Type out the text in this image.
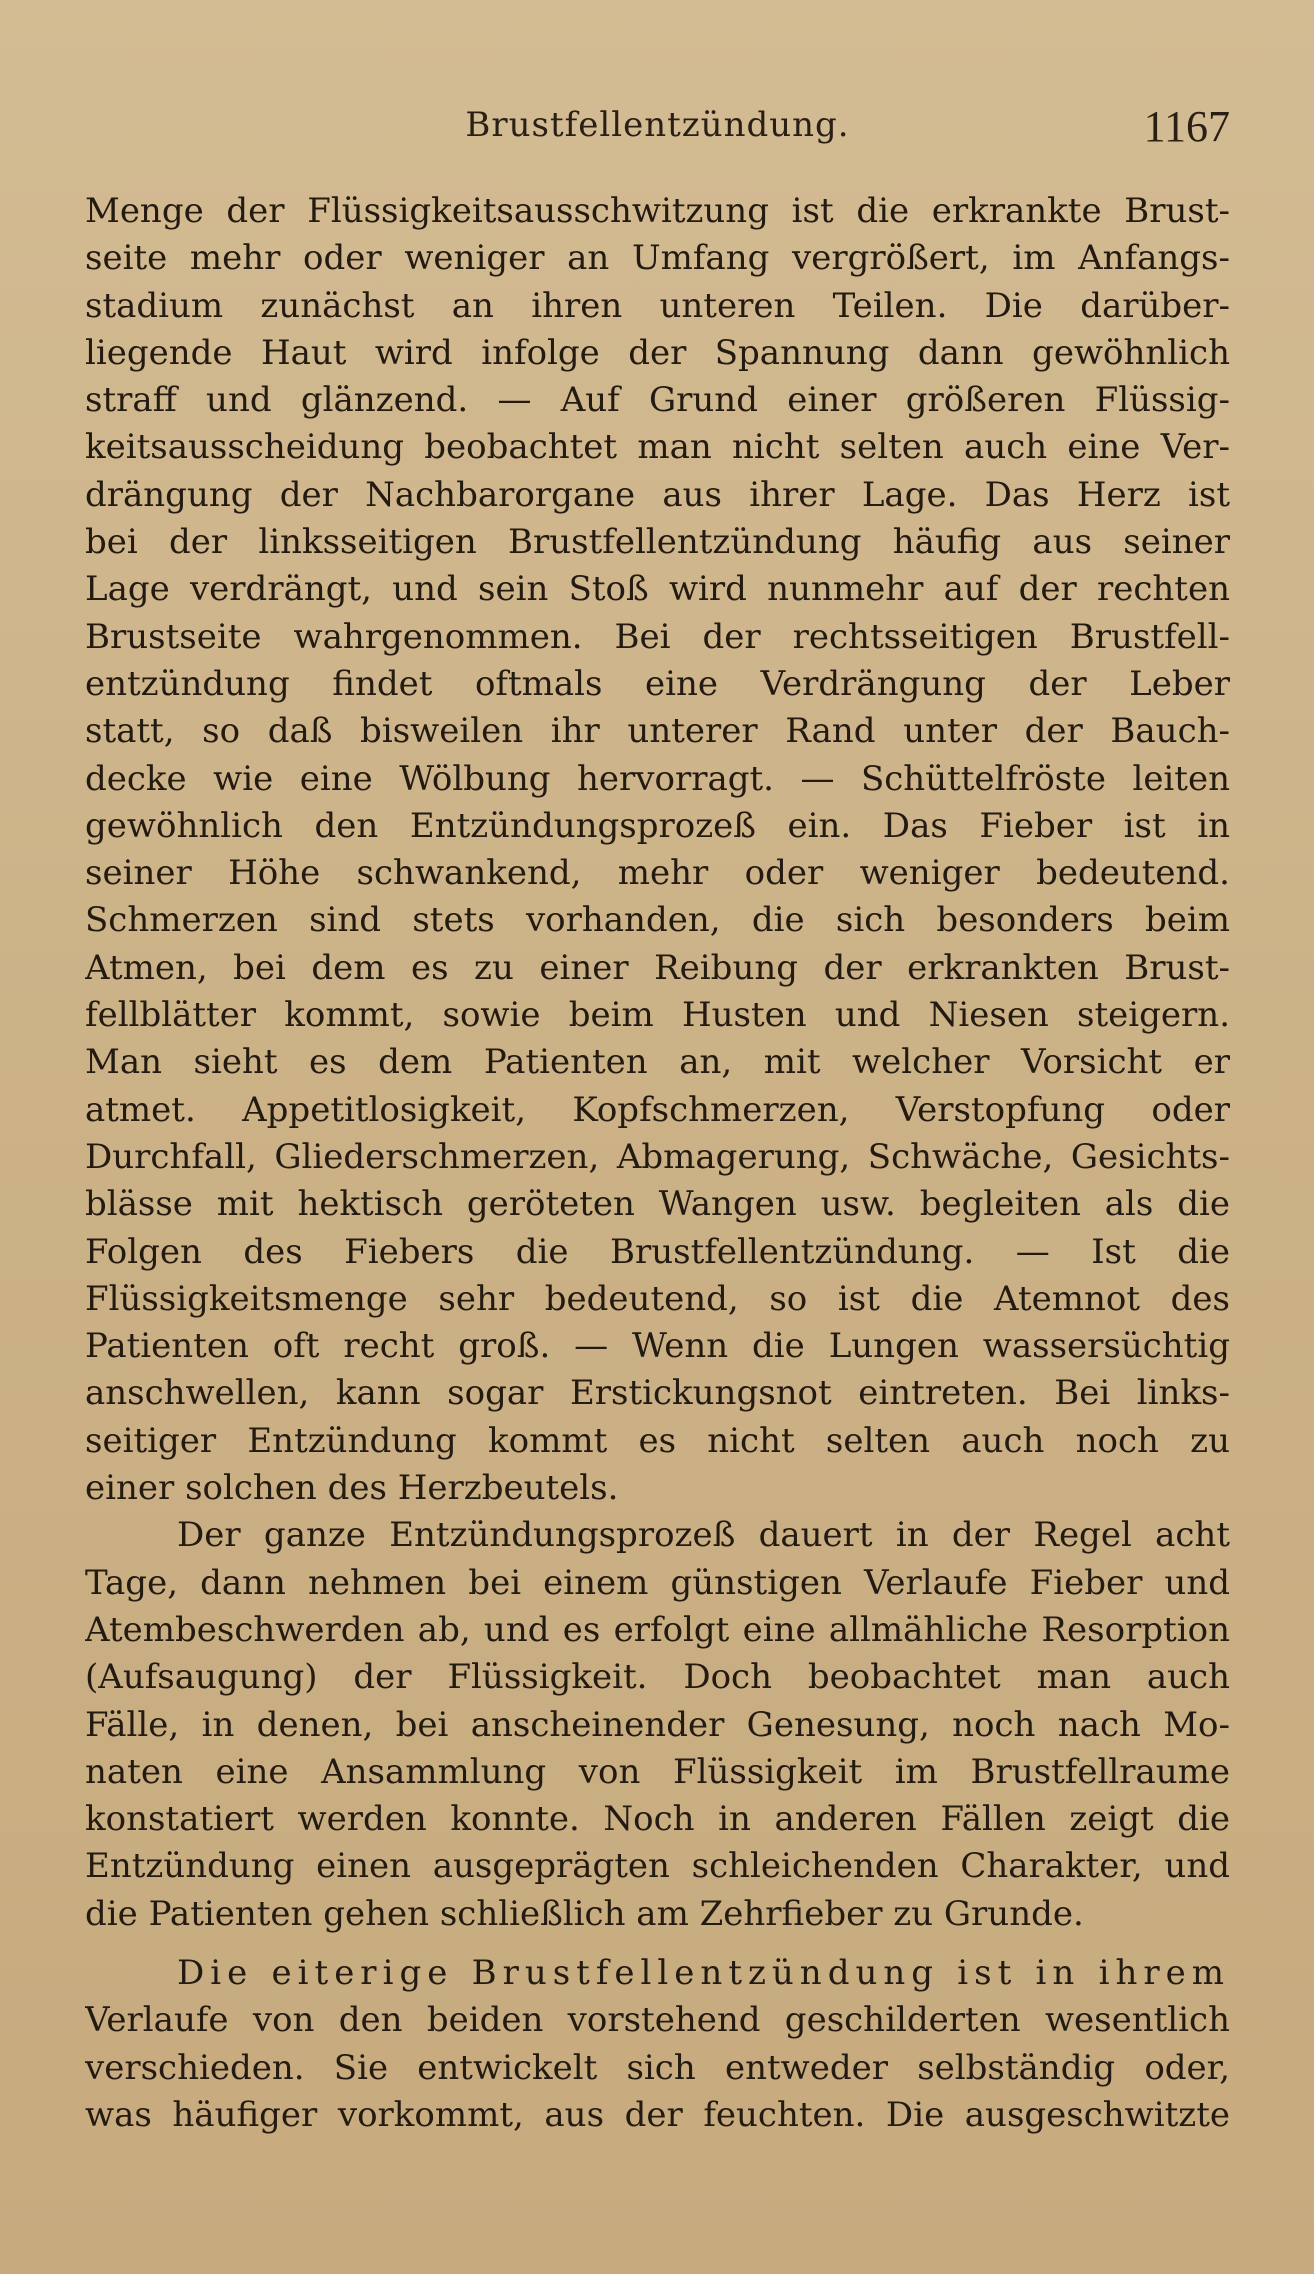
Brustfellentzündung.	1167
Menge der Flüssigkeitsausschwitzung ist die erkrankte Brust-
seite mehr oder weniger an Umfang vergrößert, im Anfangs-
stadium zunächst an ihren unteren Teilen. Die darüber-
liegende Haut wird infolge der Spannung dann gewöhnlich
straff und glänzend. — Auf Grund einer größeren Flüssig-
keitsausscheidung beobachtet man nicht selten auch eine Ver-
drängung der Nachbarorgane aus ihrer Lage. Das Herz ist
bei der linksseitigen Brustfellentzündung häufig aus seiner
Lage verdrängt, und sein Stoß wird nunmehr auf der rechten
Brustseite wahrgenommen. Bei der rechtsseitigen Brustfell-
entzündung findet oftmals eine Verdrängung der Leber
statt, so daß bisweilen ihr unterer Rand unter der Bauch-
decke wie eine Wölbung hervorragt. — Schüttelfröste leiten
gewöhnlich den Entzündungsprozeß ein. Das Fieber ist in
seiner Höhe schwankend, mehr oder weniger bedeutend.
Schmerzen sind stets vorhanden, die sich besonders beim
Atmen, bei dem es zu einer Reibung der erkrankten Brust-
fellblätter kommt, sowie beim Husten und Niesen steigern.
Man sieht es dem Patienten an, mit welcher Vorsicht er
atmet. Appetitlosigkeit, Kopfschmerzen, Verstopfung oder
Durchfall, Gliederschmerzen, Abmagerung, Schwäche, Gesichts-
blässe mit hektisch geröteten Wangen usw. begleiten als die
Folgen des Fiebers die Brustfellentzündung. — Ist die
Flüssigkeitsmenge sehr bedeutend, so ist die Atemnot des
Patienten oft recht groß. — Wenn die Lungen wassersüchtig
anschwellen, kann sogar Erstickungsnot eintreten. Bei links-
seitiger Entzündung kommt es nicht selten auch noch zu
einer solchen des Herzbeutels.
Der ganze Entzündungsprozeß dauert in der Regel acht
Tage, dann nehmen bei einem günstigen Verlaufe Fieber und
Atembeschwerden ab, und es erfolgt eine allmähliche Resorption
(Aufsaugung) der Flüssigkeit. Doch beobachtet man auch
Fälle, in denen, bei anscheinender Genesung, noch nach Mo-
naten eine Ansammlung von Flüssigkeit im Brustfellraume
konstatiert werden konnte. Noch in anderen Fällen zeigt die
Entzündung einen ausgeprägten schleichenden Charakter, und
die Patienten gehen schließlich am Zehrfieber zu Grunde.
Die eiterige Brustfellentzündung ist in ihrem
Verlaufe von den beiden vorstehend geschilderten wesentlich
verschieden. Sie entwickelt sich entweder selbständig oder,
was häufiger vorkommt, aus der feuchten. Die ausgeschwitzte
